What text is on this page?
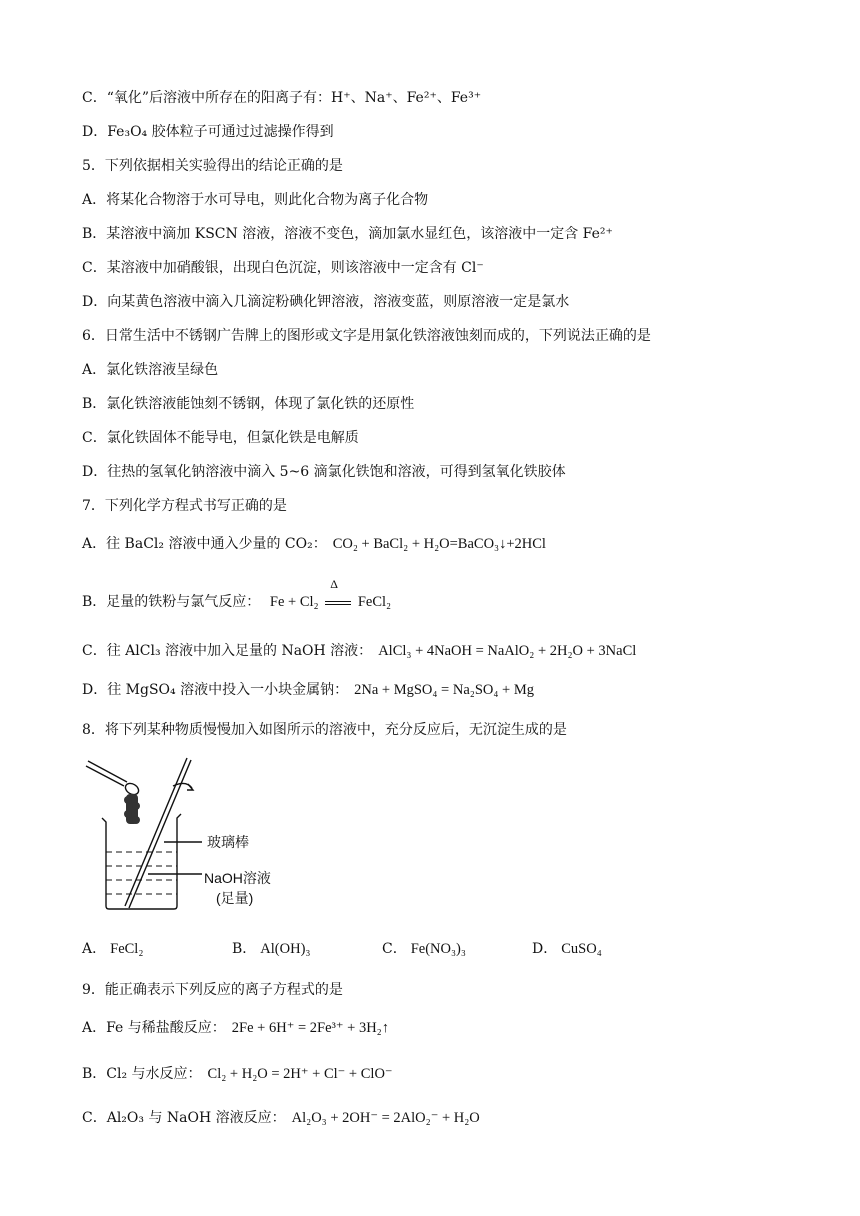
C．“氧化”后溶液中所存在的阳离子有：H⁺、Na⁺、Fe²⁺、Fe³⁺
D．Fe₃O₄ 胶体粒子可通过过滤操作得到
5．下列依据相关实验得出的结论正确的是
A．将某化合物溶于水可导电，则此化合物为离子化合物
B．某溶液中滴加 KSCN 溶液，溶液不变色，滴加氯水显红色，该溶液中一定含 Fe²⁺
C．某溶液中加硝酸银，出现白色沉淀，则该溶液中一定含有 Cl⁻
D．向某黄色溶液中滴入几滴淀粉碘化钾溶液，溶液变蓝，则原溶液一定是氯水
6．日常生活中不锈钢广告牌上的图形或文字是用氯化铁溶液蚀刻而成的，下列说法正确的是
A．氯化铁溶液呈绿色
B．氯化铁溶液能蚀刻不锈钢，体现了氯化铁的还原性
C．氯化铁固体不能导电，但氯化铁是电解质
D．往热的氢氧化钠溶液中滴入 5~6 滴氯化铁饱和溶液，可得到氢氧化铁胶体
7．下列化学方程式书写正确的是
A．往 BaCl₂ 溶液中通入少量的 CO₂： CO₂ + BaCl₂ + H₂O=BaCO₃↓+2HCl
B．足量的铁粉与氯气反应： Fe + Cl₂
Δ
FeCl₂
C．往 AlCl₃ 溶液中加入足量的 NaOH 溶液： AlCl₃ + 4NaOH = NaAlO₂ + 2H₂O + 3NaCl
D．往 MgSO₄ 溶液中投入一小块金属钠： 2Na + MgSO₄ = Na₂SO₄ + Mg
8．将下列某种物质慢慢加入如图所示的溶液中，充分反应后，无沉淀生成的是
玻璃棒
NaOH溶液
(足量)
A． FeCl₂	B． Al(OH)₃	C． Fe(NO₃)₃	D． CuSO₄
9．能正确表示下列反应的离子方程式的是
A．Fe 与稀盐酸反应： 2Fe + 6H⁺ = 2Fe³⁺ + 3H₂↑
B．Cl₂ 与水反应： Cl₂ + H₂O = 2H⁺ + Cl⁻ + ClO⁻
C．Al₂O₃ 与 NaOH 溶液反应： Al₂O₃ + 2OH⁻ = 2AlO₂⁻ + H₂O
